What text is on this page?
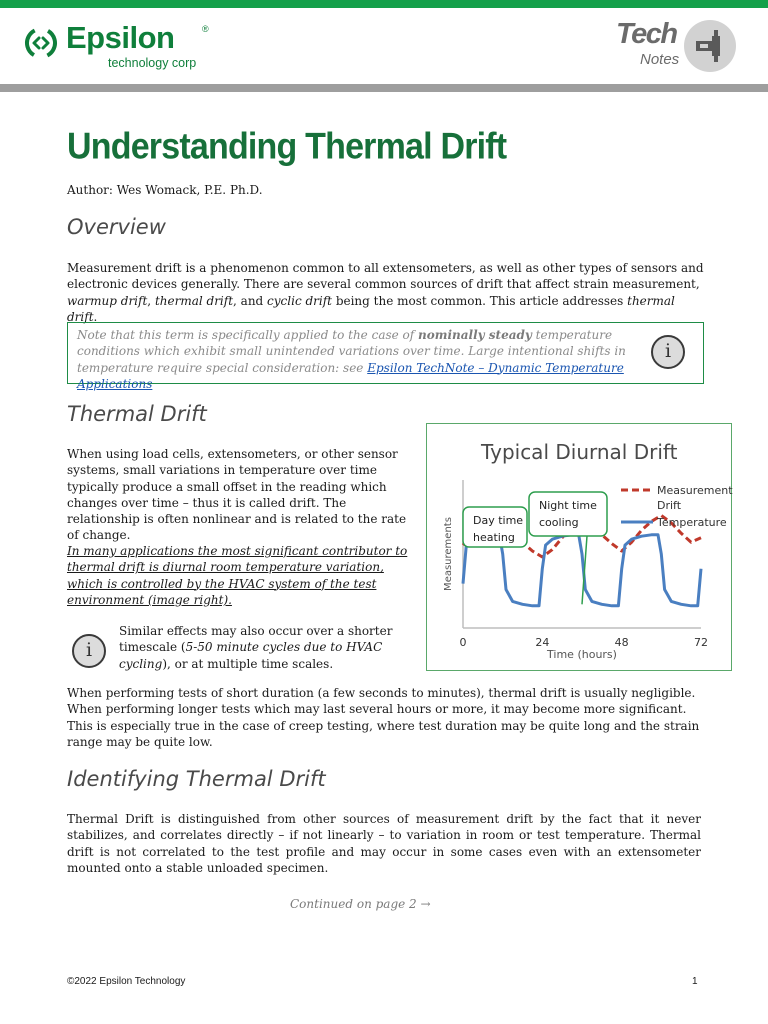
Epsilon	®
technology corp
Tech
Notes
Understanding Thermal Drift
Author: Wes Womack, P.E. Ph.D.
Overview
Measurement drift is a phenomenon common to all extensometers, as well as other types of sensors and electronic devices generally. There are several common sources of drift that affect strain measurement, warmup drift, thermal drift, and cyclic drift being the most common. This article addresses thermal drift.
Note that this term is specifically applied to the case of nominally steady temperature conditions which exhibit small unintended variations over time. Large intentional shifts in temperature require special consideration: see Epsilon TechNote – Dynamic Temperature Applications
i
Thermal Drift
When using load cells, extensometers, or other sensor systems, small variations in temperature over time typically produce a small offset in the reading which changes over time – thus it is called drift. The relationship is often nonlinear and is related to the rate of change.
In many applications the most significant contributor to thermal drift is diurnal room temperature variation, which is controlled by the HVAC system of the test environment (image right).
i
Similar effects may also occur over a shorter timescale (5-50 minute cycles due to HVAC cycling), or at multiple time scales.
Typical Diurnal Drift
Measurements
Time (hours)
0	24	48	72
Measurement
Drift
Temperature
Day time
heating
Night time
cooling
When performing tests of short duration (a few seconds to minutes), thermal drift is usually negligible. When performing longer tests which may last several hours or more, it may become more significant. This is especially true in the case of creep testing, where test duration may be quite long and the strain range may be quite low.
Identifying Thermal Drift
Thermal Drift is distinguished from other sources of measurement drift by the fact that it never stabilizes, and correlates directly – if not linearly – to variation in room or test temperature. Thermal drift is not correlated to the test profile and may occur in some cases even with an extensometer mounted onto a stable unloaded specimen.
Continued on page 2 →
©2022 Epsilon Technology	1
